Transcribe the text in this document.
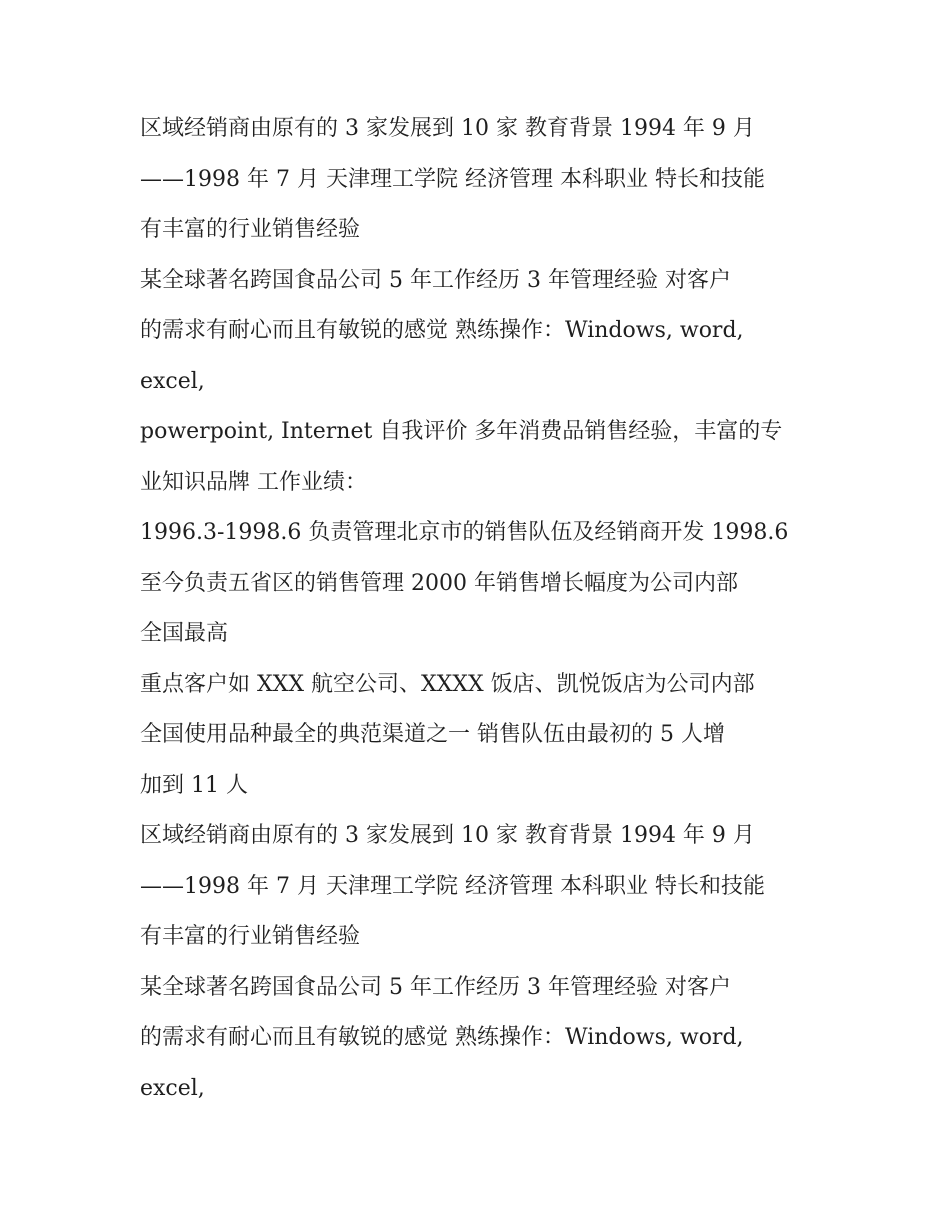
区域经销商由原有的 3 家发展到 10 家 教育背景 1994 年 9 月
——1998 年 7 月 天津理工学院 经济管理 本科职业 特长和技能
有丰富的行业销售经验
某全球著名跨国食品公司 5 年工作经历 3 年管理经验 对客户
的需求有耐心而且有敏锐的感觉 熟练操作：Windows, word,
excel,
powerpoint, Internet 自我评价 多年消费品销售经验，丰富的专
业知识品牌 工作业绩：
1996.3-1998.6 负责管理北京市的销售队伍及经销商开发 1998.6
至今负责五省区的销售管理 2000 年销售增长幅度为公司内部
全国最高
重点客户如 XXX 航空公司、XXXX 饭店、凯悦饭店为公司内部
全国使用品种最全的典范渠道之一 销售队伍由最初的 5 人增
加到 11 人
区域经销商由原有的 3 家发展到 10 家 教育背景 1994 年 9 月
——1998 年 7 月 天津理工学院 经济管理 本科职业 特长和技能
有丰富的行业销售经验
某全球著名跨国食品公司 5 年工作经历 3 年管理经验 对客户
的需求有耐心而且有敏锐的感觉 熟练操作：Windows, word,
excel,
